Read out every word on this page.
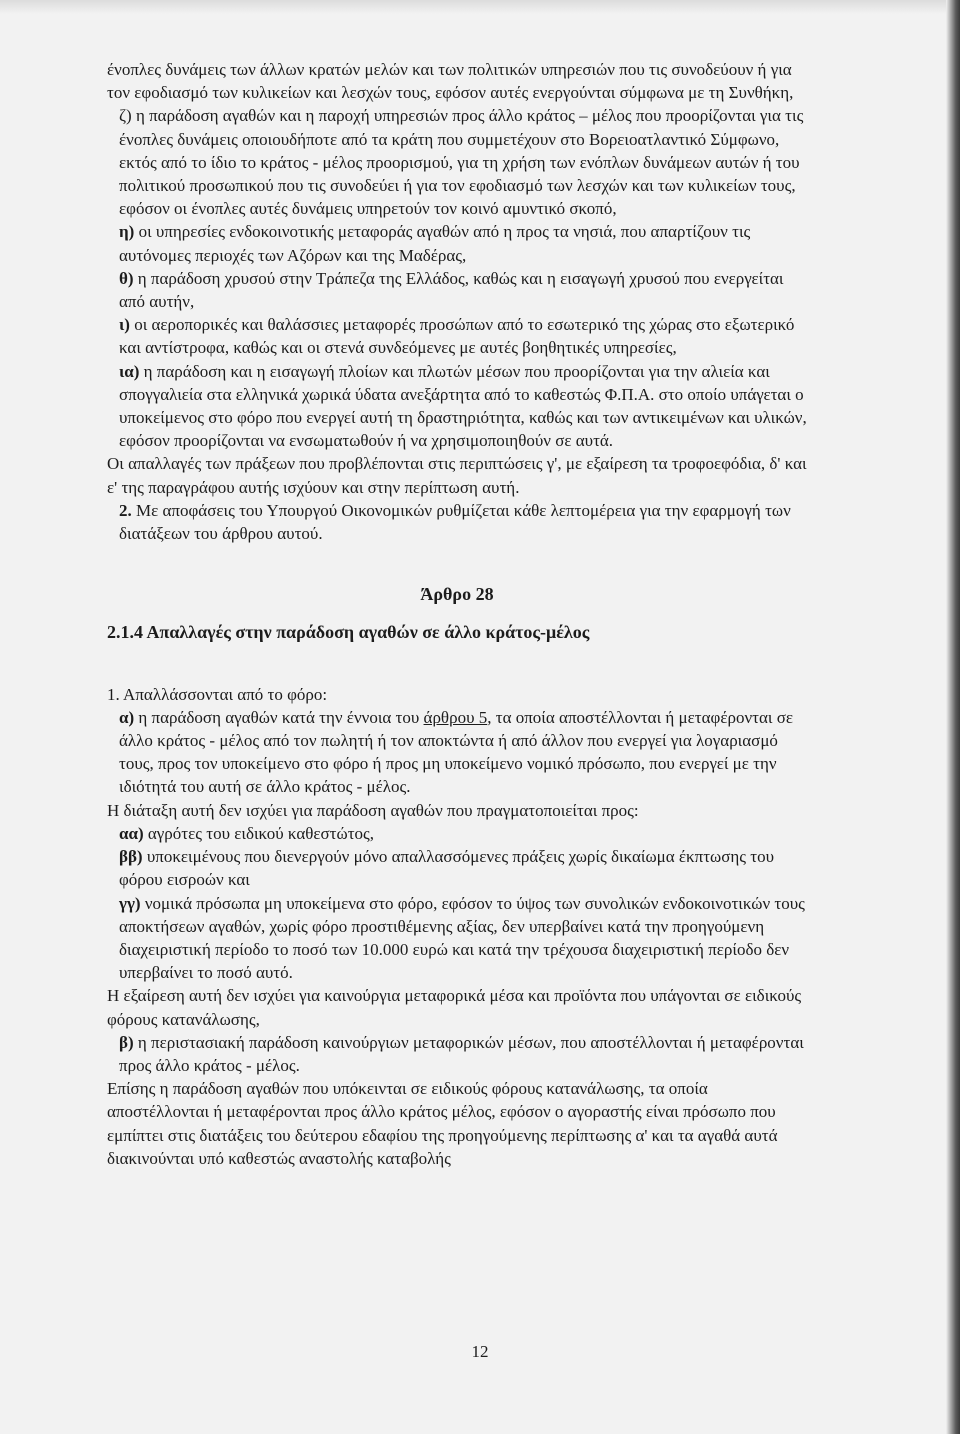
ένοπλες δυνάμεις των άλλων κρατών μελών και των πολιτικών υπηρεσιών που τις συνοδεύουν ή για τον εφοδιασμό των κυλικείων και λεσχών τους, εφόσον αυτές ενεργούνται σύμφωνα με τη Συνθήκη,

ζ) η παράδοση αγαθών και η παροχή υπηρεσιών προς άλλο κράτος – μέλος που προορίζονται για τις ένοπλες δυνάμεις οποιουδήποτε από τα κράτη που συμμετέχουν στο Βορειοατλαντικό Σύμφωνο, εκτός από το ίδιο το κράτος - μέλος προορισμού, για τη χρήση των ενόπλων δυνάμεων αυτών ή του πολιτικού προσωπικού που τις συνοδεύει ή για τον εφοδιασμό των λεσχών και των κυλικείων τους, εφόσον οι ένοπλες αυτές δυνάμεις υπηρετούν τον κοινό αμυντικό σκοπό,

η) οι υπηρεσίες ενδοκοινοτικής μεταφοράς αγαθών από η προς τα νησιά, που απαρτίζουν τις αυτόνομες περιοχές των Αζόρων και της Μαδέρας,

θ) η παράδοση χρυσού στην Τράπεζα της Ελλάδος, καθώς και η εισαγωγή χρυσού που ενεργείται από αυτήν,

ι) οι αεροπορικές και θαλάσσιες μεταφορές προσώπων από το εσωτερικό της χώρας στο εξωτερικό και αντίστροφα, καθώς και οι στενά συνδεόμενες με αυτές βοηθητικές υπηρεσίες,

ια) η παράδοση και η εισαγωγή πλοίων και πλωτών μέσων που προορίζονται για την αλιεία και σπογγαλιεία στα ελληνικά χωρικά ύδατα ανεξάρτητα από το καθεστώς Φ.Π.Α. στο οποίο υπάγεται ο υποκείμενος στο φόρο που ενεργεί αυτή τη δραστηριότητα, καθώς και των αντικειμένων και υλικών, εφόσον προορίζονται να ενσωματωθούν ή να χρησιμοποιηθούν σε αυτά.

Οι απαλλαγές των πράξεων που προβλέπονται στις περιπτώσεις γ', με εξαίρεση τα τροφοεφόδια, δ' και ε' της παραγράφου αυτής ισχύουν και στην περίπτωση αυτή.

2. Με αποφάσεις του Υπουργού Οικονομικών ρυθμίζεται κάθε λεπτομέρεια για την εφαρμογή των διατάξεων του άρθρου αυτού.

Άρθρο 28

2.1.4 Απαλλαγές στην παράδοση αγαθών σε άλλο κράτος-μέλος

1. Απαλλάσσονται από το φόρο:

α) η παράδοση αγαθών κατά την έννοια του άρθρου 5, τα οποία αποστέλλονται ή μεταφέρονται σε άλλο κράτος - μέλος από τον πωλητή ή τον αποκτώντα ή από άλλον που ενεργεί για λογαριασμό τους, προς τον υποκείμενο στο φόρο ή προς μη υποκείμενο νομικό πρόσωπο, που ενεργεί με την ιδιότητά του αυτή σε άλλο κράτος - μέλος.

Η διάταξη αυτή δεν ισχύει για παράδοση αγαθών που πραγματοποιείται προς:

αα) αγρότες του ειδικού καθεστώτος,

ββ) υποκειμένους που διενεργούν μόνο απαλλασσόμενες πράξεις χωρίς δικαίωμα έκπτωσης του φόρου εισροών και

γγ) νομικά πρόσωπα μη υποκείμενα στο φόρο, εφόσον το ύψος των συνολικών ενδοκοινοτικών τους αποκτήσεων αγαθών, χωρίς φόρο προστιθέμενης αξίας, δεν υπερβαίνει κατά την προηγούμενη διαχειριστική περίοδο το ποσό των 10.000 ευρώ και κατά την τρέχουσα διαχειριστική περίοδο δεν υπερβαίνει το ποσό αυτό.

Η εξαίρεση αυτή δεν ισχύει για καινούργια μεταφορικά μέσα και προϊόντα που υπάγονται σε ειδικούς φόρους κατανάλωσης,

β) η περιστασιακή παράδοση καινούργιων μεταφορικών μέσων, που αποστέλλονται ή μεταφέρονται προς άλλο κράτος - μέλος.

Επίσης η παράδοση αγαθών που υπόκεινται σε ειδικούς φόρους κατανάλωσης, τα οποία αποστέλλονται ή μεταφέρονται προς άλλο κράτος μέλος, εφόσον ο αγοραστής είναι πρόσωπο που εμπίπτει στις διατάξεις του δεύτερου εδαφίου της προηγούμενης περίπτωσης α' και τα αγαθά αυτά διακινούνται υπό καθεστώς αναστολής καταβολής

12
